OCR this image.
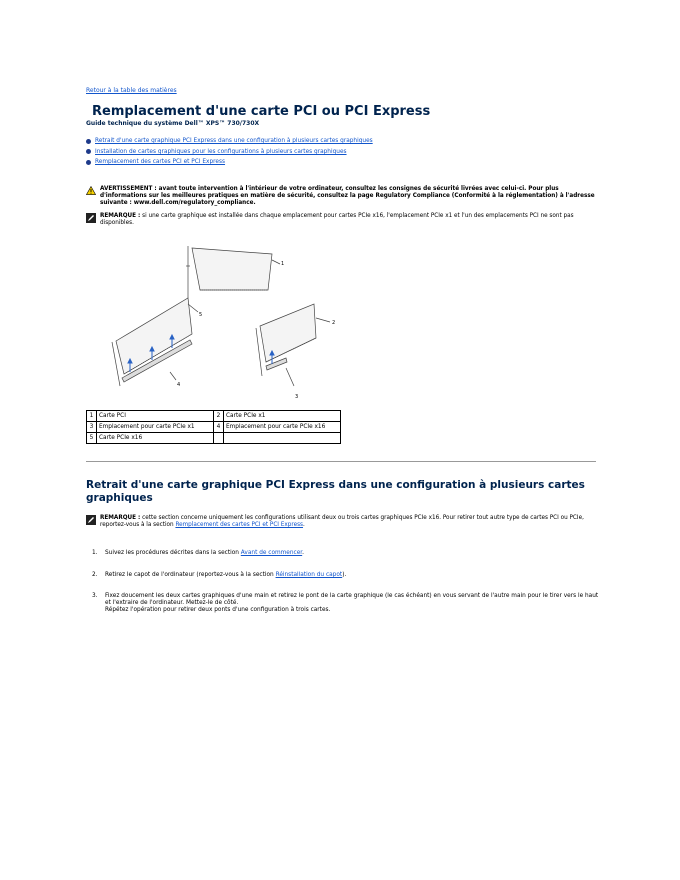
Retour à la table des matières
Remplacement d'une carte PCI ou PCI Express
Guide technique du système Dell™ XPS™ 730/730X
Retrait d'une carte graphique PCI Express dans une configuration à plusieurs cartes graphiques
Installation de cartes graphiques pour les configurations à plusieurs cartes graphiques
Remplacement des cartes PCI et PCI Express
AVERTISSEMENT : avant toute intervention à l'intérieur de votre ordinateur, consultez les consignes de sécurité livrées avec celui-ci. Pour plus d'informations sur les meilleures pratiques en matière de sécurité, consultez la page Regulatory Compliance (Conformité à la réglementation) à l'adresse suivante : www.dell.com/regulatory_compliance.
REMARQUE : si une carte graphique est installée dans chaque emplacement pour cartes PCIe x16, l'emplacement PCIe x1 et l'un des emplacements PCI ne sont pas disponibles.
1
2
3
4
5
1	Carte PCI	2	Carte PCIe x1
3	Emplacement pour carte PCIe x1	4	Emplacement pour carte PCIe x16
5	Carte PCIe x16		
Retrait d'une carte graphique PCI Express dans une configuration à plusieurs cartes graphiques
REMARQUE : cette section concerne uniquement les configurations utilisant deux ou trois cartes graphiques PCIe x16. Pour retirer tout autre type de cartes PCI ou PCIe, reportez-vous à la section Remplacement des cartes PCI et PCI Express.
1. Suivez les procédures décrites dans la section Avant de commencer.
2. Retirez le capot de l'ordinateur (reportez-vous à la section Réinstallation du capot).
3. Fixez doucement les deux cartes graphiques d'une main et retirez le pont de la carte graphique (le cas échéant) en vous servant de l'autre main pour le tirer vers le haut et l'extraire de l'ordinateur. Mettez-le de côté.
Répétez l'opération pour retirer deux ponts d'une configuration à trois cartes.
